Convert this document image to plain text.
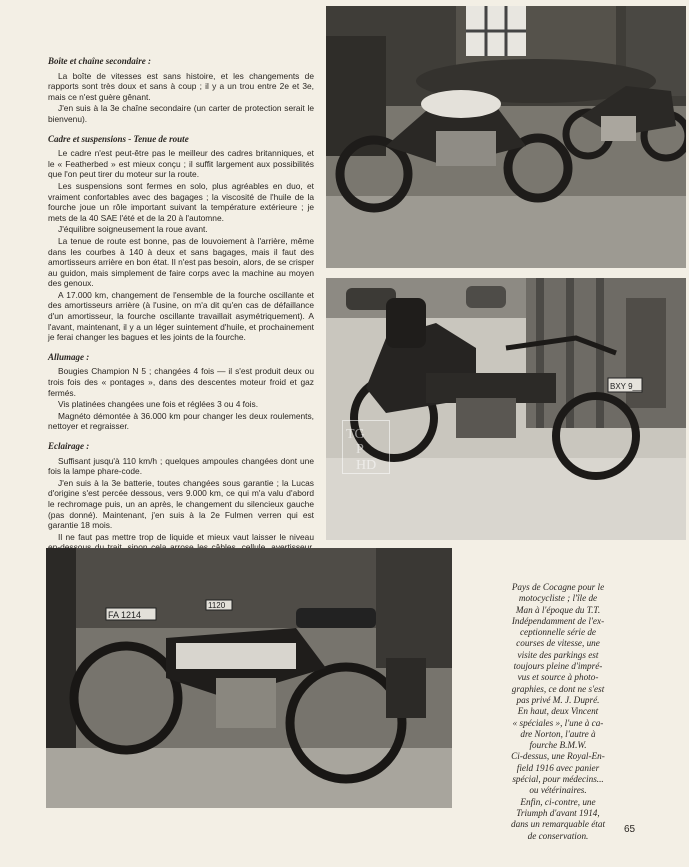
Boîte et chaîne secondaire :

La boîte de vitesses est sans histoire, et les changements de rapports sont très doux et sans à coup ; il y a un trou entre 2e et 3e, mais ce n'est guère gênant.

J'en suis à la 3e chaîne secondaire (un carter de protection serait le bienvenu).

Cadre et suspensions - Tenue de route

Le cadre n'est peut-être pas le meilleur des cadres britanniques, et le « Featherbed » est mieux conçu ; il suffit largement aux possibilités que l'on peut tirer du moteur sur la route.

Les suspensions sont fermes en solo, plus agréables en duo, et vraiment confortables avec des bagages ; la viscosité de l'huile de la fourche joue un rôle important suivant la température extérieure ; je mets de la 40 SAE l'été et de la 20 à l'automne.

J'équilibre soigneusement la roue avant.

La tenue de route est bonne, pas de louvoiement à l'arrière, même dans les courbes à 140 à deux et sans bagages, mais il faut des amortisseurs arrière en bon état. Il n'est pas besoin, alors, de se crisper au guidon, mais simplement de faire corps avec la machine au moyen des genoux.

A 17.000 km, changement de l'ensemble de la fourche oscillante et des amortisseurs arrière (à l'usine, on m'a dit qu'en cas de défaillance d'un amortisseur, la fourche oscillante travaillait asymétriquement). A l'avant, maintenant, il y a un léger suintement d'huile, et prochainement je ferai changer les bagues et les joints de la fourche.

Allumage :

Bougies Champion N 5 ; changées 4 fois — il s'est produit deux ou trois fois des « pontages », dans des descentes moteur froid et gaz fermés.

Vis platinées changées une fois et réglées 3 ou 4 fois.

Magnéto démontée à 36.000 km pour changer les deux roulements, nettoyer et regraisser.

Eclairage :

Suffisant jusqu'à 110 km/h ; quelques ampoules changées dont une fois la lampe phare-code.

J'en suis à la 3e batterie, toutes changées sous garantie ; la Lucas d'origine s'est percée dessous, vers 9.000 km, ce qui m'a valu d'abord le rechromage puis, un an après, le changement du silencieux gauche (pas donné). Maintenant, j'en suis à la 2e Fulmen verren qui est garantie 18 mois.

Il ne faut pas mettre trop de liquide et mieux vaut laisser le niveau

BXY 9__
TG
P
HD
FA 1214
1120
Pays de Cocagne pour le
motocycliste ; l'île de
Man à l'époque du T.T.
Indépendamment de l'ex-
ceptionnelle série de
courses de vitesse, une
visite des parkings est
toujours pleine d'impré-
vus et source à photo-
graphies, ce dont ne s'est
pas privé M. J. Dupré.
En haut, deux Vincent
« spéciales », l'une à ca-
dre Norton, l'autre à
fourche B.M.W.
Ci-dessus, une Royal-En-
field 1916 avec panier
spécial, pour médecins...
ou vétérinaires.
Enfin, ci-contre, une
Triumph d'avant 1914,
dans un remarquable état
de conservation.
65
